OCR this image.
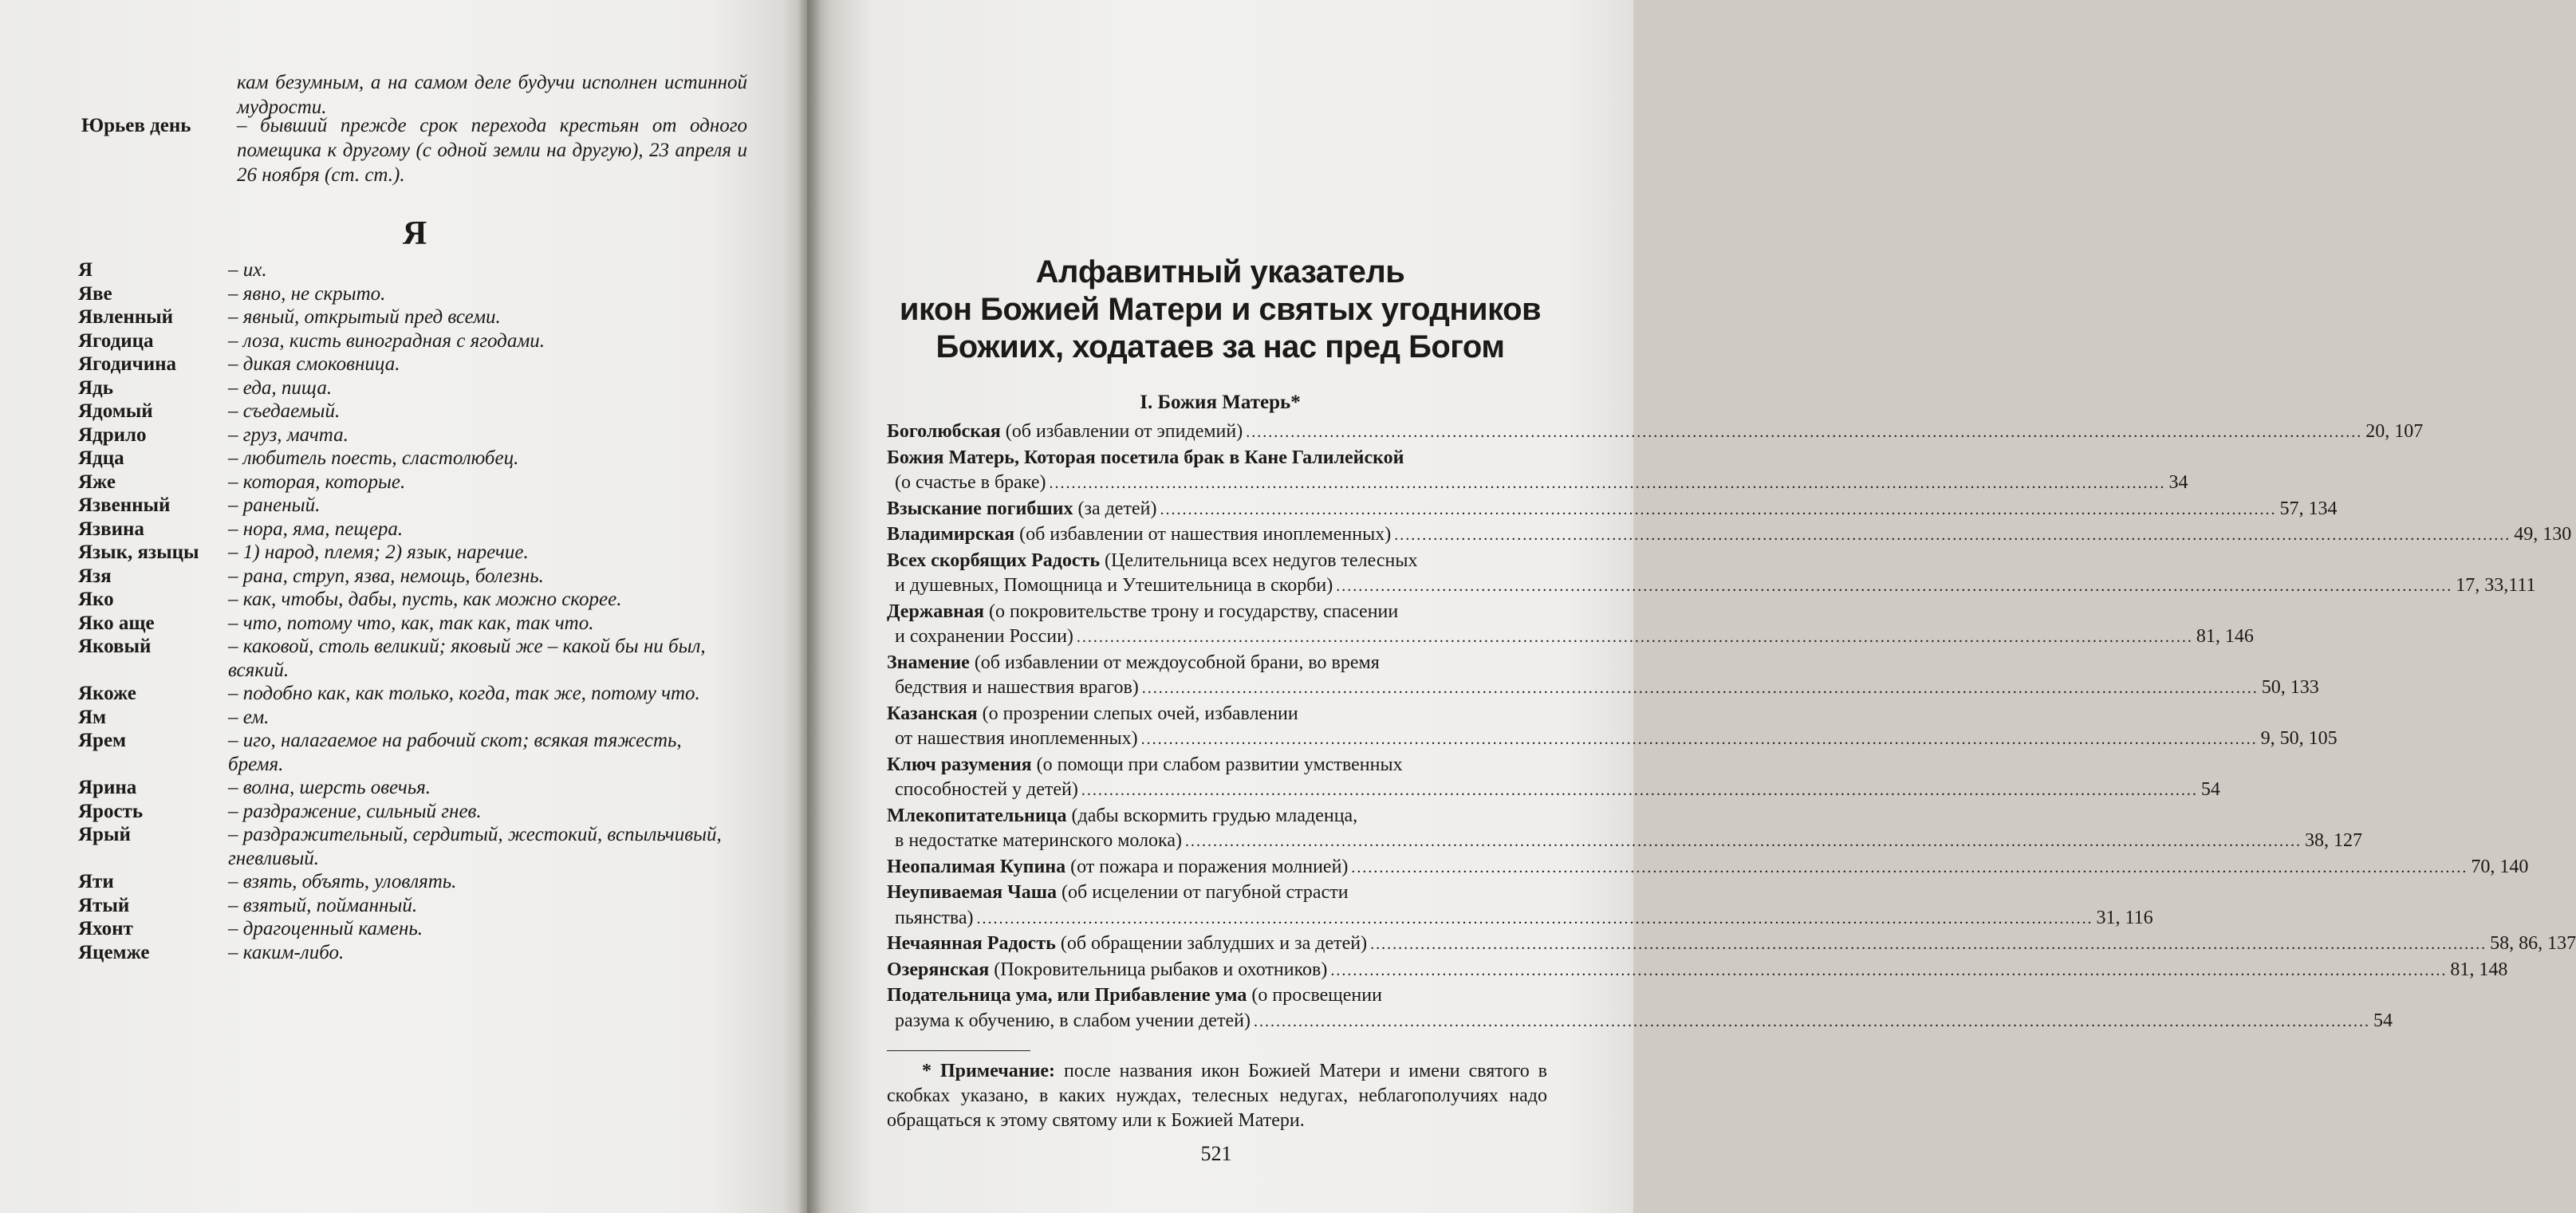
кам безумным, а на самом деле будучи исполнен истинной мудрости.
Юрьев день – бывший прежде срок перехода крестьян от одного помещика к другому (с одной земли на другую), 23 апреля и 26 ноября (ст. ст.).
Я
Я	– их.
Яве	– явно, не скрыто.
Явленный	– явный, открытый пред всеми.
Ягодица	– лоза, кисть виноградная с ягодами.
Ягодичина	– дикая смоковница.
Ядь	– еда, пища.
Ядомый	– съедаемый.
Ядрило	– груз, мачта.
Ядца	– любитель поесть, сластолюбец.
Яже	– которая, которые.
Язвенный	– раненый.
Язвина	– нора, яма, пещера.
Язык, языцы	– 1) народ, племя; 2) язык, наречие.
Язя	– рана, струп, язва, немощь, болезнь.
Яко	– как, чтобы, дабы, пусть, как можно скорее.
Яко аще	– что, потому что, как, так как, так что.
Яковый	– каковой, столь великий; яковый же – какой бы ни был, всякий.
Якоже	– подобно как, как только, когда, так же, потому что.
Ям	– ем.
Ярем	– иго, налагаемое на рабочий скот; всякая тяжесть, бремя.
Ярина	– волна, шерсть овечья.
Ярость	– раздражение, сильный гнев.
Ярый	– раздражительный, сердитый, жестокий, вспыльчивый, гневливый.
Яти	– взять, объять, уловлять.
Ятый	– взятый, пойманный.
Яхонт	– драгоценный камень.
Яцемже	– каким-либо.
Алфавитный указатель
икон Божией Матери и святых угодников
Божиих, ходатаев за нас пред Богом
I. Божия Матерь*
Боголюбская (об избавлении от эпидемий) ........................................................................................................................................................................................................ 20, 107
Божия Матерь, Которая посетила брак в Кане Галилейской
(о счастье в браке) ........................................................................................................................................................................................................ 34
Взыскание погибших (за детей) ........................................................................................................................................................................................................ 57, 134
Владимирская (об избавлении от нашествия иноплеменных) ........................................................................................................................................................................................................ 49, 130
Всех скорбящих Радость (Целительница всех недугов телесных
и душевных, Помощница и Утешительница в скорби) ........................................................................................................................................................................................................ 17, 33,111
Державная (о покровительстве трону и государству, спасении
и сохранении России) ........................................................................................................................................................................................................ 81, 146
Знамение (об избавлении от междоусобной брани, во время
бедствия и нашествия врагов) ........................................................................................................................................................................................................ 50, 133
Казанская (о прозрении слепых очей, избавлении
от нашествия иноплеменных) ........................................................................................................................................................................................................ 9, 50, 105
Ключ разумения (о помощи при слабом развитии умственных
способностей у детей) ........................................................................................................................................................................................................ 54
Млекопитательница (дабы вскормить грудью младенца,
в недостатке материнского молока) ........................................................................................................................................................................................................ 38, 127
Неопалимая Купина (от пожара и поражения молнией) ........................................................................................................................................................................................................ 70, 140
Неупиваемая Чаша (об исцелении от пагубной страсти
пьянства) ........................................................................................................................................................................................................ 31, 116
Нечаянная Радость (об обращении заблудших и за детей) ........................................................................................................................................................................................................ 58, 86, 137
Озерянская (Покровительница рыбаков и охотников) ........................................................................................................................................................................................................ 81, 148
Подательница ума, или Прибавление ума (о просвещении
разума к обучению, в слабом учении детей) ........................................................................................................................................................................................................ 54
* Примечание: после названия икон Божией Матери и имени святого в скобках указано, в каких нуждах, телесных недугах, неблагополучиях надо обращаться к этому святому или к Божией Матери.
521
